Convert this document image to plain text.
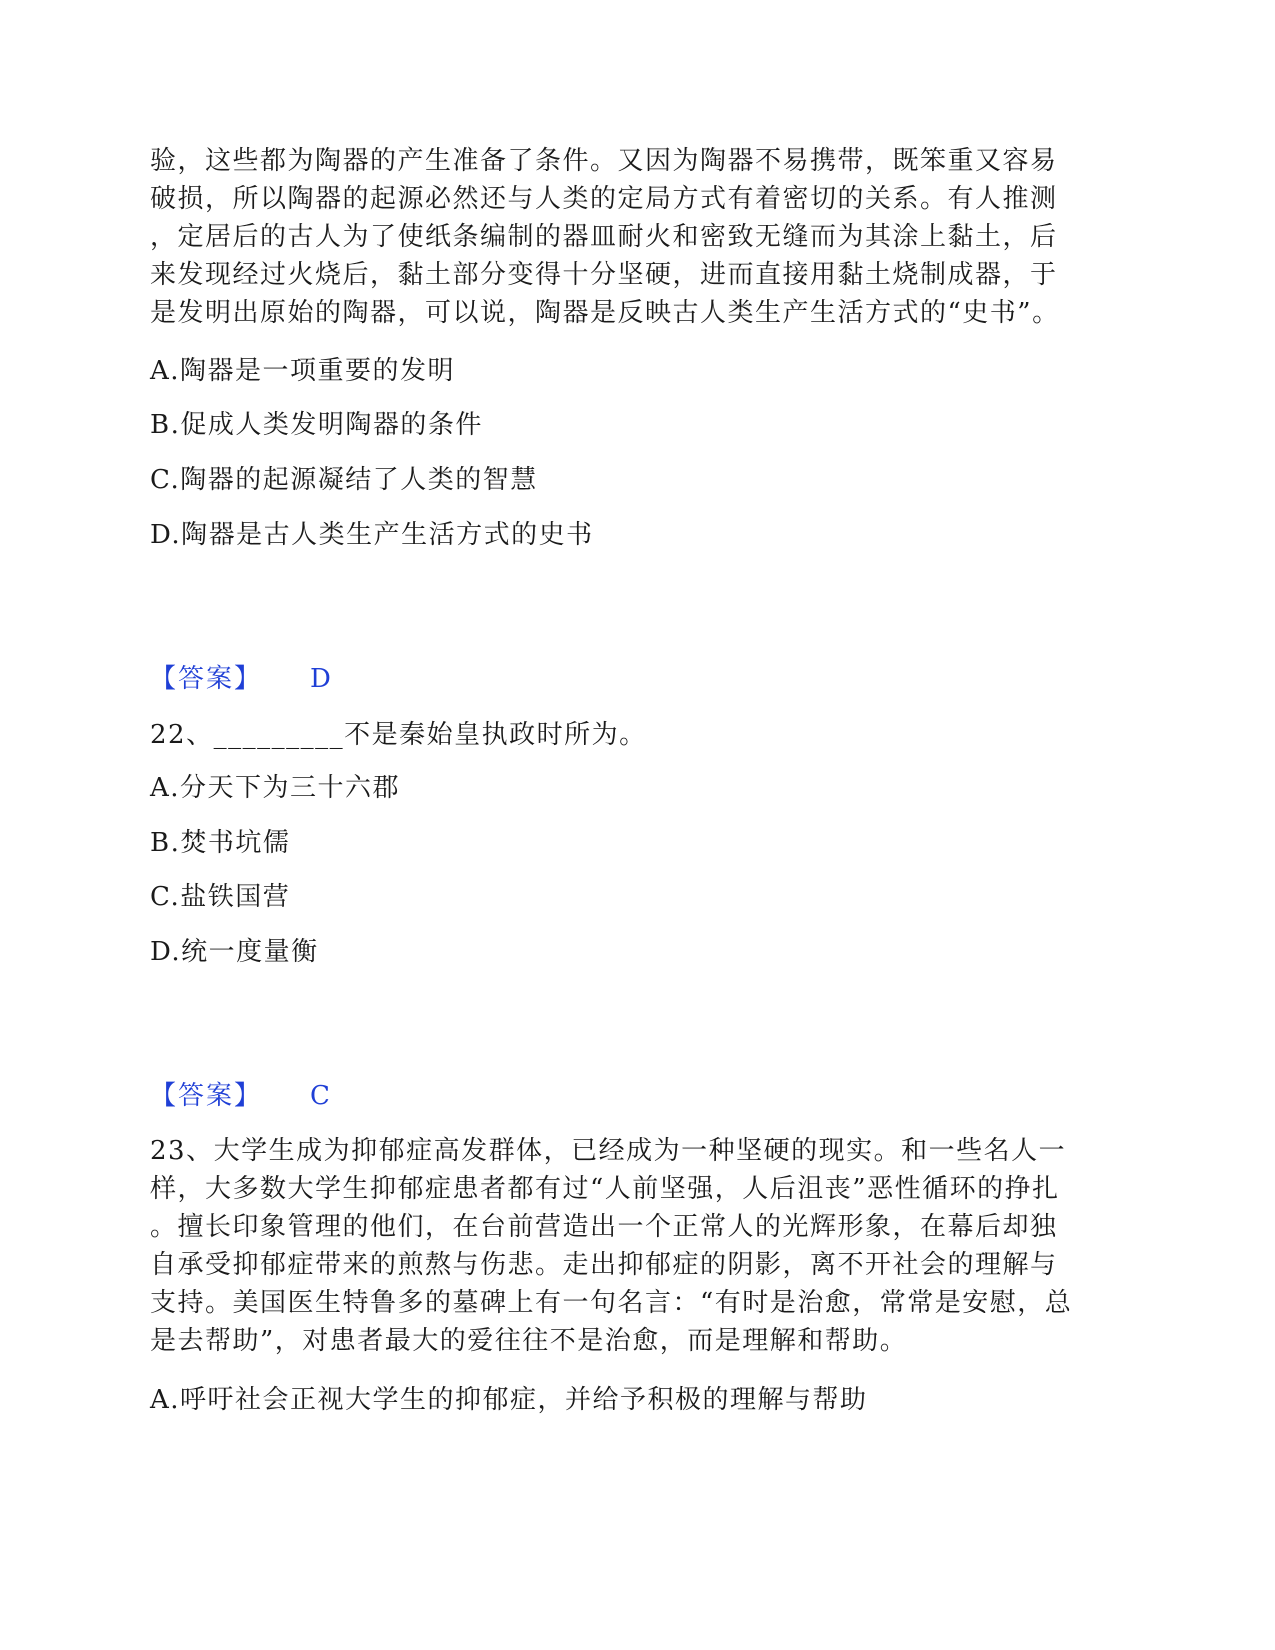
验，这些都为陶器的产生准备了条件。又因为陶器不易携带，既笨重又容易
破损，所以陶器的起源必然还与人类的定局方式有着密切的关系。有人推测
，定居后的古人为了使纸条编制的器皿耐火和密致无缝而为其涂上黏土，后
来发现经过火烧后，黏土部分变得十分坚硬，进而直接用黏土烧制成器，于
是发明出原始的陶器，可以说，陶器是反映古人类生产生活方式的“史书”。
A.陶器是一项重要的发明
B.促成人类发明陶器的条件
C.陶器的起源凝结了人类的智慧
D.陶器是古人类生产生活方式的史书
【答案】 D
22、_________不是秦始皇执政时所为。
A.分天下为三十六郡
B.焚书坑儒
C.盐铁国营
D.统一度量衡
【答案】 C
23、大学生成为抑郁症高发群体，已经成为一种坚硬的现实。和一些名人一
样，大多数大学生抑郁症患者都有过“人前坚强，人后沮丧”恶性循环的挣扎
。擅长印象管理的他们，在台前营造出一个正常人的光辉形象，在幕后却独
自承受抑郁症带来的煎熬与伤悲。走出抑郁症的阴影，离不开社会的理解与
支持。美国医生特鲁多的墓碑上有一句名言：“有时是治愈，常常是安慰，总
是去帮助”，对患者最大的爱往往不是治愈，而是理解和帮助。
A.呼吁社会正视大学生的抑郁症，并给予积极的理解与帮助
